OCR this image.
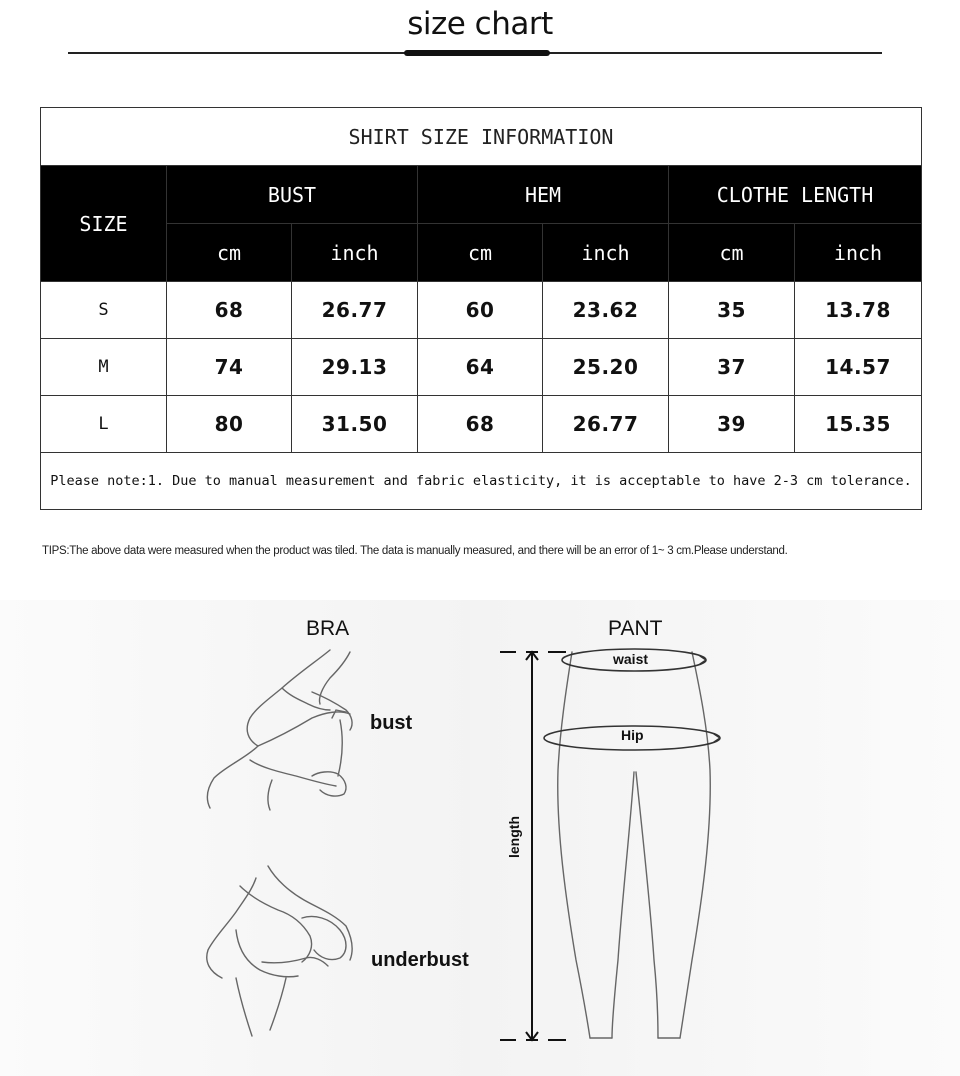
size chart
SHIRT SIZE INFORMATION						
SIZE	BUST		HEM		CLOTHE LENGTH	
	cm	inch	cm	inch	cm	inch
S	68	26.77	60	23.62	35	13.78
M	74	29.13	64	25.20	37	14.57
L	80	31.50	68	26.77	39	15.35
Please note:1. Due to manual measurement and fabric elasticity, it is acceptable to have 2-3 cm tolerance.						
TIPS:The above data were measured when the product was tiled. The data is manually measured, and there will be an error of 1~ 3 cm.Please understand.
BRA	PANT
bust
underbust
waist
Hip
length
